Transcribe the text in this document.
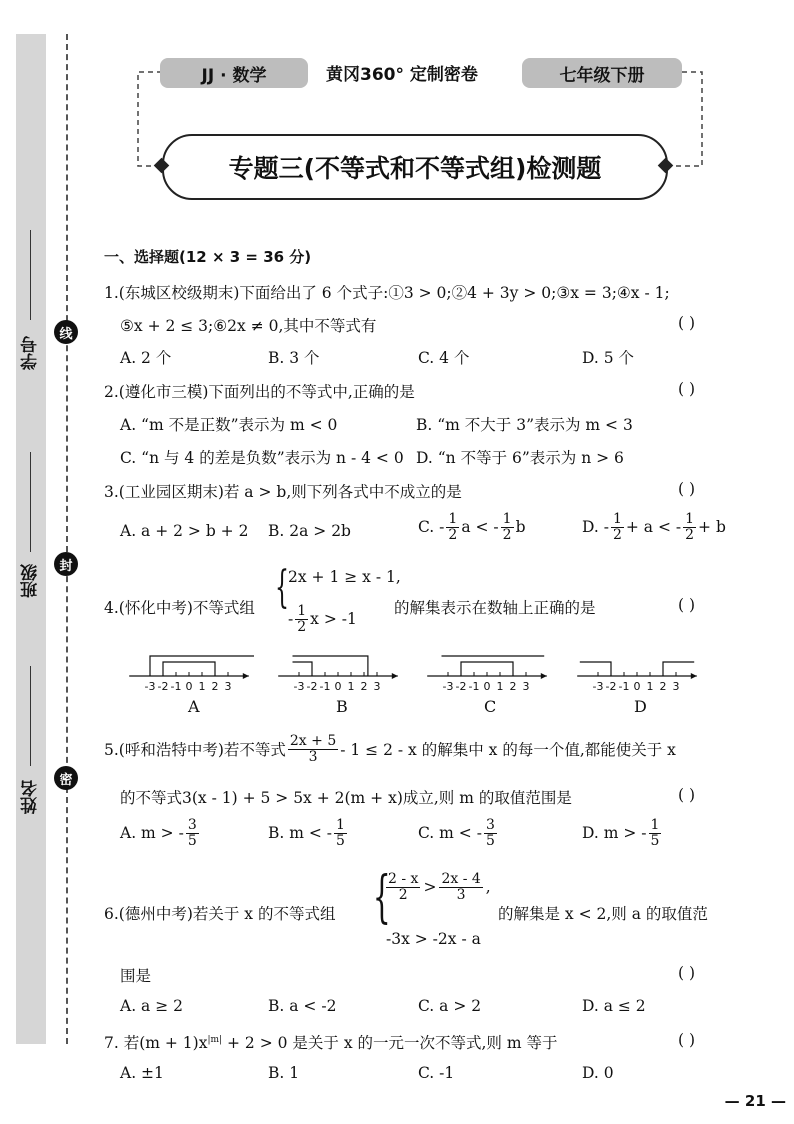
学号
班级
姓名
线
封
密
JJ · 数学	黄冈360° 定制密卷	七年级下册
专题三(不等式和不等式组)检测题
一、选择题(12 × 3 = 36 分)
1.(东城区校级期末)下面给出了 6 个式子:①3 > 0;②4 + 3y > 0;③x = 3;④x - 1;
⑤x + 2 ≤ 3;⑥2x ≠ 0,其中不等式有	( )
A. 2 个	B. 3 个	C. 4 个	D. 5 个
2.(遵化市三模)下面列出的不等式中,正确的是	( )
A. “m 不是正数”表示为 m < 0	B. “m 不大于 3”表示为 m < 3
C. “n 与 4 的差是负数”表示为 n - 4 < 0 D. “n 不等于 6”表示为 n > 6
3.(工业园区期末)若 a > b,则下列各式中不成立的是	( )
A. a + 2 > b + 2 B. 2a > 2b	C. - $\frac{1}{2}$ a < - $\frac{1}{2}$ b	D. - $\frac{1}{2} + a$ < - $\frac{1}{2} + b$
4.(怀化中考)不等式组 { 2x + 1 ≥ x - 1,
- $\frac{1}{2}$ x > -1
的解集表示在数轴上正确的是	( )
-3 -2 -1 0 1 2 3	-3 -2 -1 0 1 2 3	-3 -2 -1 0 1 2 3	-3 -2 -1 0 1 2 3
A	B	C	D
5.(呼和浩特中考)若不等式 $\frac{2x + 5}{3} - 1 \le 2 - x$ 的解集中 x 的每一个值,都能使关于 x
的不等式3(x - 1) + 5 > 5x + 2(m + x)成立,则 m 的取值范围是	( )
A. m > - $\frac{3}{5}$	B. m < - $\frac{1}{5}$	C. m < - $\frac{3}{5}$	D. m > - $\frac{1}{5}$
6.(德州中考)若关于 x 的不等式组 {
$\frac{2 - x}{2} > \frac{2x - 4}{3}$ ,
-3x > -2x - a
的解集是 x < 2,则 a 的取值范
围是	( )
A. a ≥ 2	B. a < -2	C. a > 2	D. a ≤ 2
7. 若$(m + 1)x^{|m|} + 2 > 0$ 是关于 x 的一元一次不等式,则 m 等于	( )
A. ±1	B. 1	C. -1	D. 0
— 21 —
